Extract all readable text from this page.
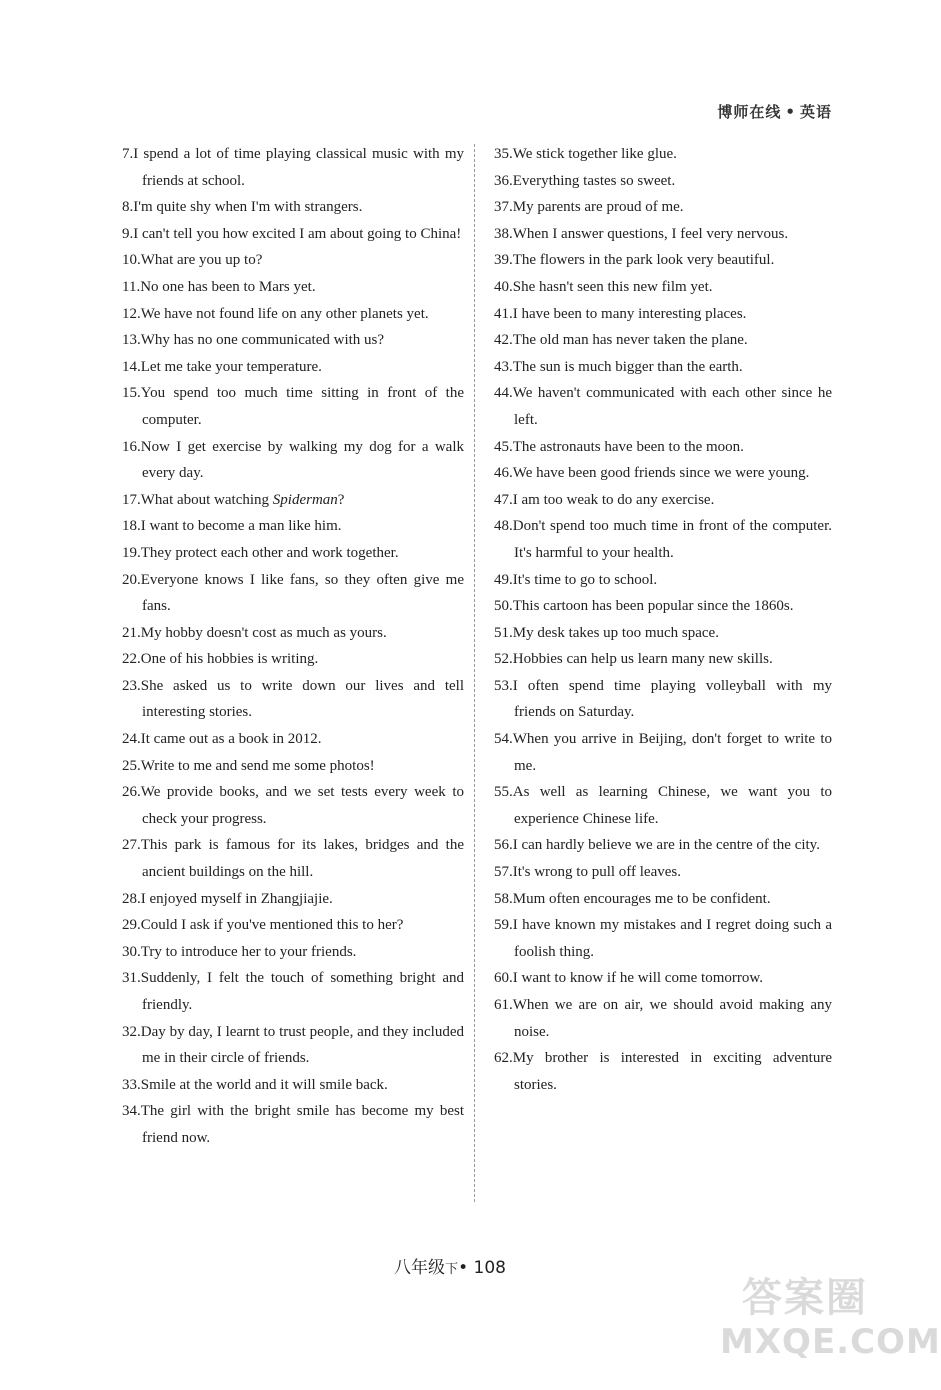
博师在线 • 英语
7.I spend a lot of time playing classical music with my friends at school.
8.I'm quite shy when I'm with strangers.
9.I can't tell you how excited I am about going to China!
10.What are you up to?
11.No one has been to Mars yet.
12.We have not found life on any other planets yet.
13.Why has no one communicated with us?
14.Let me take your temperature.
15.You spend too much time sitting in front of the computer.
16.Now I get exercise by walking my dog for a walk every day.
17.What about watching Spiderman?
18.I want to become a man like him.
19.They protect each other and work together.
20.Everyone knows I like fans, so they often give me fans.
21.My hobby doesn't cost as much as yours.
22.One of his hobbies is writing.
23.She asked us to write down our lives and tell interesting stories.
24.It came out as a book in 2012.
25.Write to me and send me some photos!
26.We provide books, and we set tests every week to check your progress.
27.This park is famous for its lakes, bridges and the ancient buildings on the hill.
28.I enjoyed myself in Zhangjiajie.
29.Could I ask if you've mentioned this to her?
30.Try to introduce her to your friends.
31.Suddenly, I felt the touch of something bright and friendly.
32.Day by day, I learnt to trust people, and they included me in their circle of friends.
33.Smile at the world and it will smile back.
34.The girl with the bright smile has become my best friend now.
35.We stick together like glue.
36.Everything tastes so sweet.
37.My parents are proud of me.
38.When I answer questions, I feel very nervous.
39.The flowers in the park look very beautiful.
40.She hasn't seen this new film yet.
41.I have been to many interesting places.
42.The old man has never taken the plane.
43.The sun is much bigger than the earth.
44.We haven't communicated with each other since he left.
45.The astronauts have been to the moon.
46.We have been good friends since we were young.
47.I am too weak to do any exercise.
48.Don't spend too much time in front of the computer. It's harmful to your health.
49.It's time to go to school.
50.This cartoon has been popular since the 1860s.
51.My desk takes up too much space.
52.Hobbies can help us learn many new skills.
53.I often spend time playing volleyball with my friends on Saturday.
54.When you arrive in Beijing, don't forget to write to me.
55.As well as learning Chinese, we want you to experience Chinese life.
56.I can hardly believe we are in the centre of the city.
57.It's wrong to pull off leaves.
58.Mum often encourages me to be confident.
59.I have known my mistakes and I regret doing such a foolish thing.
60.I want to know if he will come tomorrow.
61.When we are on air, we should avoid making any noise.
62.My brother is interested in exciting adventure stories.
八年级下• 108
答案圈
MXQE.COM
